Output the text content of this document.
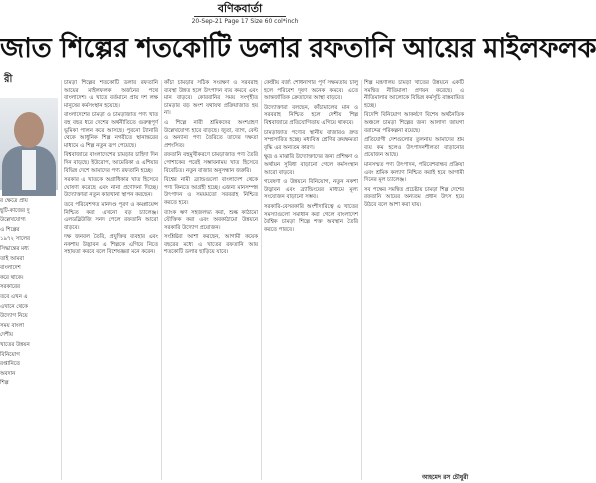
বণিকবার্তা
20-Sep-21 Page 17 Size 60 col*inch
জাত শিল্পের শতকোটি ডলার রফতানি আয়ের মাইলফলক
রী

র ক্ষেত্রে প্রায়

ছুটি-কাজের দু

উল্লেখযোগ্য

এ শিল্পের

১৯৭২ সালের

সিদ্ধান্তের মধ্য

তাই আমরা

বাংলাদেশ

করে থাকে।

সরকারের

তবে এখন এ

এখানে থেকে

উদ্যোগ নিয়ে

সময় বাংলা

দেশীয়

খাতের উন্নয়ন

বিনিয়োগ

রপ্তানিতে

অবদান

শিল্প

চামড়া শিল্পের শতকোটি ডলার রফতানি আয়ের মাইলফলক অর্জনের পথে বাংলাদেশ। এ খাতে বর্তমানে প্রায় দশ লক্ষ মানুষের কর্মসংস্থান হয়েছে।

বাংলাদেশের চামড়া ও চামড়াজাত পণ্য খাত বহু বছর ধরে দেশের অর্থনীতিতে গুরুত্বপূর্ণ ভূমিকা পালন করে আসছে। পুরনো ট্যানারি থেকে আধুনিক শিল্প নগরীতে স্থানান্তরের মাধ্যমে এ শিল্প নতুন রূপ পেয়েছে।

বিশ্ববাজারে বাংলাদেশের চামড়ার চাহিদা দিন দিন বাড়ছে। ইউরোপ, আমেরিকা ও এশিয়ার বিভিন্ন দেশে আমাদের পণ্য রফতানি হচ্ছে।

সরকার এ খাতকে অগ্রাধিকার খাত হিসেবে ঘোষণা করেছে এবং নানা প্রণোদনা দিচ্ছে। উদ্যোক্তারা নতুন কারখানা স্থাপন করছেন।

তবে পরিবেশগত মানদণ্ড পূরণ ও কমপ্লায়েন্স নিশ্চিত করা এখনো বড় চ্যালেঞ্জ। এলডব্লিউজি সনদ পেলে রফতানি আরো বাড়বে।

দক্ষ জনবল তৈরি, প্রযুক্তির ব্যবহার এবং নকশায় উদ্ভাবন এ শিল্পকে এগিয়ে নিতে সহায়তা করবে বলে বিশেষজ্ঞরা মনে করেন।

কাঁচা চামড়ার সঠিক সংরক্ষণ ও সরবরাহ ব্যবস্থা উন্নত হলে উৎপাদন ব্যয় কমবে এবং মান বাড়বে। কোরবানির সময় সংগৃহীত চামড়ার বড় অংশ যথাযথ প্রক্রিয়াজাত হয় না।

এ শিল্পে নারী শ্রমিকদের অংশগ্রহণ উল্লেখযোগ্য হারে বাড়ছে। জুতা, ব্যাগ, বেল্ট ও অন্যান্য পণ্য তৈরিতে তাদের দক্ষতা প্রশংসিত।

রফতানি বহুমুখীকরণে চামড়াজাত পণ্য তৈরি পোশাকের পরেই সম্ভাবনাময় খাত হিসেবে বিবেচিত। নতুন বাজার অনুসন্ধান জরুরি।

বিশ্বের নামী ব্র্যান্ডগুলো বাংলাদেশ থেকে পণ্য কিনতে আগ্রহী হচ্ছে। এজন্য মানসম্পন্ন উৎপাদন ও সময়মতো সরবরাহ নিশ্চিত করতে হবে।

ব্যাংক ঋণ সহজলভ্য করা, শুল্ক কাঠামো যৌক্তিক করা এবং অবকাঠামো উন্নয়নে সরকারি উদ্যোগ প্রয়োজন।

সংশ্লিষ্টরা আশা করছেন, আগামী কয়েক বছরের মধ্যে এ খাতের রফতানি আয় শতকোটি ডলার ছাড়িয়ে যাবে।

কেন্দ্রীয় বর্জ্য শোধনাগার পূর্ণ সক্ষমতায় চালু হলে পরিবেশ দূষণ অনেক কমবে। এতে আন্তর্জাতিক ক্রেতাদের আস্থা বাড়বে।

উদ্যোক্তারা বলছেন, কাঁচামালের মান ও সরবরাহ নিশ্চিত হলে দেশীয় শিল্প বিশ্ববাজারে প্রতিযোগিতায় এগিয়ে থাকবে।

চামড়াজাত পণ্যের স্থানীয় বাজারও দ্রুত সম্প্রসারিত হচ্ছে। মধ্যবিত্ত শ্রেণির ক্রয়ক্ষমতা বৃদ্ধি এর অন্যতম কারণ।

ক্ষুদ্র ও মাঝারি উদ্যোক্তাদের জন্য প্রশিক্ষণ ও অর্থায়ন সুবিধা বাড়ানো গেলে কর্মসংস্থান আরো বাড়বে।

গবেষণা ও উন্নয়নে বিনিয়োগ, নতুন নকশা উদ্ভাবন এবং ব্র্যান্ডিংয়ের মাধ্যমে মূল্য সংযোজন বাড়ানো সম্ভব।

সরকারি-বেসরকারি অংশীদারিত্বে এ খাতের সমস্যাগুলো সমাধান করা গেলে বাংলাদেশ বৈশ্বিক চামড়া শিল্পে শক্ত অবস্থান তৈরি করতে পারবে।

শিল্প মন্ত্রণালয় চামড়া খাতের উন্নয়নে একটি সমন্বিত নীতিমালা প্রণয়ন করেছে। এ নীতিমালার আলোকে বিভিন্ন কর্মসূচি বাস্তবায়িত হচ্ছে।

বিদেশি বিনিয়োগ আকর্ষণে বিশেষ অর্থনৈতিক অঞ্চলে চামড়া শিল্পের জন্য আলাদা জায়গা বরাদ্দের পরিকল্পনা রয়েছে।

প্রতিযোগী দেশগুলোর তুলনায় আমাদের শ্রম ব্যয় কম হলেও উৎপাদনশীলতা বাড়ানোর প্রয়োজন আছে।

মানসম্মত পণ্য উৎপাদন, পরিবেশবান্ধব প্রক্রিয়া এবং শ্রমিক কল্যাণ নিশ্চিত করাই হবে আগামী দিনের মূল চ্যালেঞ্জ।

সব পক্ষের সমন্বিত প্রচেষ্টায় চামড়া শিল্প দেশের রফতানি আয়ের অন্যতম প্রধান উৎস হয়ে উঠবে বলে আশা করা যায়।

আহমেদ রস চৌধুরী
